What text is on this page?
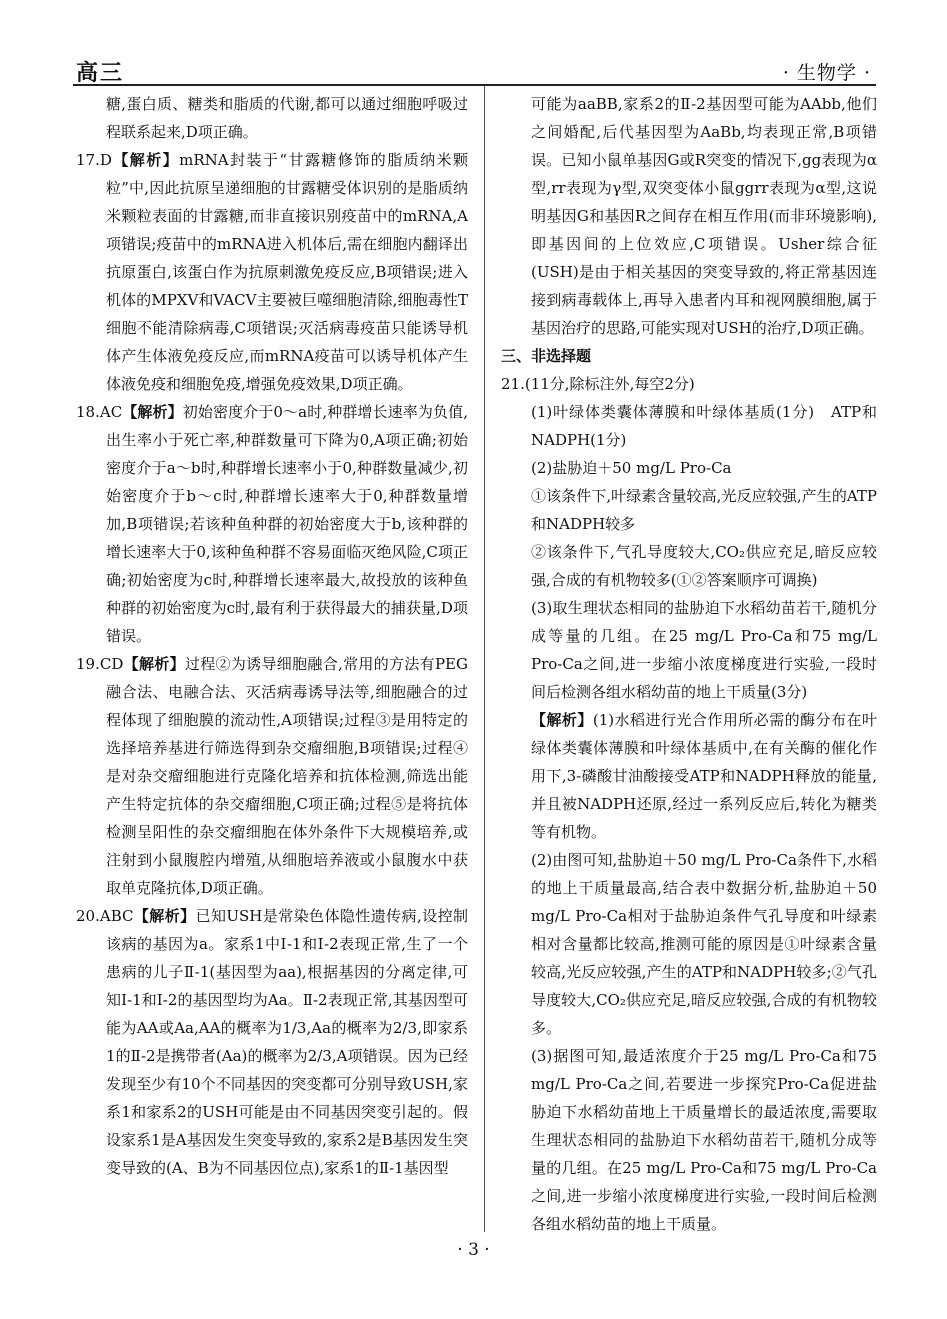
高三	· 生物学 ·

糖,蛋白质、糖类和脂质的代谢,都可以通过细胞呼吸过程联系起来,D项正确。

17.D【解析】mRNA封装于“甘露糖修饰的脂质纳米颗粒”中,因此抗原呈递细胞的甘露糖受体识别的是脂质纳米颗粒表面的甘露糖,而非直接识别疫苗中的mRNA,A项错误;疫苗中的mRNA进入机体后,需在细胞内翻译出抗原蛋白,该蛋白作为抗原刺激免疫反应,B项错误;进入机体的MPXV和VACV主要被巨噬细胞清除,细胞毒性T细胞不能清除病毒,C项错误;灭活病毒疫苗只能诱导机体产生体液免疫反应,而mRNA疫苗可以诱导机体产生体液免疫和细胞免疫,增强免疫效果,D项正确。

18.AC【解析】初始密度介于0～a时,种群增长速率为负值,出生率小于死亡率,种群数量可下降为0,A项正确;初始密度介于a～b时,种群增长速率小于0,种群数量减少,初始密度介于b～c时,种群增长速率大于0,种群数量增加,B项错误;若该种鱼种群的初始密度大于b,该种群的增长速率大于0,该种鱼种群不容易面临灭绝风险,C项正确;初始密度为c时,种群增长速率最大,故投放的该种鱼种群的初始密度为c时,最有利于获得最大的捕获量,D项错误。

19.CD【解析】过程②为诱导细胞融合,常用的方法有PEG融合法、电融合法、灭活病毒诱导法等,细胞融合的过程体现了细胞膜的流动性,A项错误;过程③是用特定的选择培养基进行筛选得到杂交瘤细胞,B项错误;过程④是对杂交瘤细胞进行克隆化培养和抗体检测,筛选出能产生特定抗体的杂交瘤细胞,C项正确;过程⑤是将抗体检测呈阳性的杂交瘤细胞在体外条件下大规模培养,或注射到小鼠腹腔内增殖,从细胞培养液或小鼠腹水中获取单克隆抗体,D项正确。

20.ABC【解析】已知USH是常染色体隐性遗传病,设控制该病的基因为a。家系1中Ⅰ-1和Ⅰ-2表现正常,生了一个患病的儿子Ⅱ-1(基因型为aa),根据基因的分离定律,可知Ⅰ-1和Ⅰ-2的基因型均为Aa。Ⅱ-2表现正常,其基因型可能为AA或Aa,AA的概率为1/3,Aa的概率为2/3,即家系1的Ⅱ-2是携带者(Aa)的概率为2/3,A项错误。因为已经发现至少有10个不同基因的突变都可分别导致USH,家系1和家系2的USH可能是由不同基因突变引起的。假设家系1是A基因发生突变导致的,家系2是B基因发生突变导致的(A、B为不同基因位点),家系1的Ⅱ-1基因型

可能为aaBB,家系2的Ⅱ-2基因型可能为AAbb,他们之间婚配,后代基因型为AaBb,均表现正常,B项错误。已知小鼠单基因G或R突变的情况下,gg表现为α型,rr表现为γ型,双突变体小鼠ggrr表现为α型,这说明基因G和基因R之间存在相互作用(而非环境影响),即基因间的上位效应,C项错误。Usher综合征(USH)是由于相关基因的突变导致的,将正常基因连接到病毒载体上,再导入患者内耳和视网膜细胞,属于基因治疗的思路,可能实现对USH的治疗,D项正确。

三、非选择题

21.(11分,除标注外,每空2分)

(1)叶绿体类囊体薄膜和叶绿体基质(1分)　ATP和NADPH(1分)

(2)盐胁迫＋50 mg/L Pro-Ca

①该条件下,叶绿素含量较高,光反应较强,产生的ATP和NADPH较多

②该条件下,气孔导度较大,CO₂供应充足,暗反应较强,合成的有机物较多(①②答案顺序可调换)

(3)取生理状态相同的盐胁迫下水稻幼苗若干,随机分成等量的几组。在25 mg/L Pro-Ca和75 mg/L Pro-Ca之间,进一步缩小浓度梯度进行实验,一段时间后检测各组水稻幼苗的地上干质量(3分)

【解析】(1)水稻进行光合作用所必需的酶分布在叶绿体类囊体薄膜和叶绿体基质中,在有关酶的催化作用下,3-磷酸甘油酸接受ATP和NADPH释放的能量,并且被NADPH还原,经过一系列反应后,转化为糖类等有机物。

(2)由图可知,盐胁迫＋50 mg/L Pro-Ca条件下,水稻的地上干质量最高,结合表中数据分析,盐胁迫＋50 mg/L Pro-Ca相对于盐胁迫条件气孔导度和叶绿素相对含量都比较高,推测可能的原因是①叶绿素含量较高,光反应较强,产生的ATP和NADPH较多;②气孔导度较大,CO₂供应充足,暗反应较强,合成的有机物较多。

(3)据图可知,最适浓度介于25 mg/L Pro-Ca和75 mg/L Pro-Ca之间,若要进一步探究Pro-Ca促进盐胁迫下水稻幼苗地上干质量增长的最适浓度,需要取生理状态相同的盐胁迫下水稻幼苗若干,随机分成等量的几组。在25 mg/L Pro-Ca和75 mg/L Pro-Ca之间,进一步缩小浓度梯度进行实验,一段时间后检测各组水稻幼苗的地上干质量。

· 3 ·
